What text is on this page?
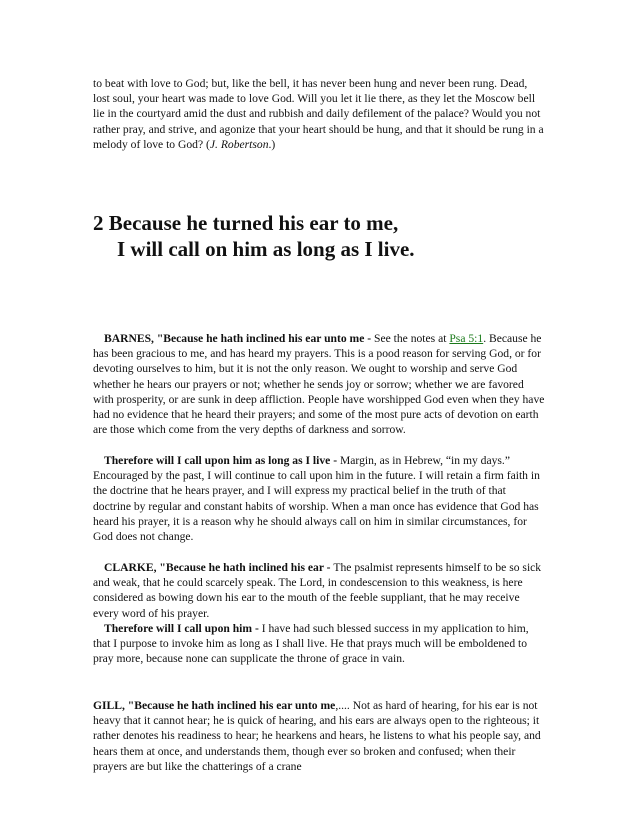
to beat with love to God; but, like the bell, it has never been hung and never been rung. Dead, lost soul, your heart was made to love God. Will you let it lie there, as they let the Moscow bell lie in the courtyard amid the dust and rubbish and daily defilement of the palace? Would you not rather pray, and strive, and agonize that your heart should be hung, and that it should be rung in a melody of love to God? (J. Robertson.)

2 Because he turned his ear to me,
I will call on him as long as I live.

BARNES, "Because he hath inclined his ear unto me - See the notes at Psa 5:1. Because he has been gracious to me, and has heard my prayers. This is a pood reason for serving God, or for devoting ourselves to him, but it is not the only reason. We ought to worship and serve God whether he hears our prayers or not; whether he sends joy or sorrow; whether we are favored with prosperity, or are sunk in deep affliction. People have worshipped God even when they have had no evidence that he heard their prayers; and some of the most pure acts of devotion on earth are those which come from the very depths of darkness and sorrow.

Therefore will I call upon him as long as I live - Margin, as in Hebrew, “in my days.” Encouraged by the past, I will continue to call upon him in the future. I will retain a firm faith in the doctrine that he hears prayer, and I will express my practical belief in the truth of that doctrine by regular and constant habits of worship. When a man once has evidence that God has heard his prayer, it is a reason why he should always call on him in similar circumstances, for God does not change.

CLARKE, "Because he hath inclined his ear - The psalmist represents himself to be so sick and weak, that he could scarcely speak. The Lord, in condescension to this weakness, is here considered as bowing down his ear to the mouth of the feeble suppliant, that he may receive every word of his prayer.

Therefore will I call upon him - I have had such blessed success in my application to him, that I purpose to invoke him as long as I shall live. He that prays much will be emboldened to pray more, because none can supplicate the throne of grace in vain.

GILL, "Because he hath inclined his ear unto me,.... Not as hard of hearing, for his ear is not heavy that it cannot hear; he is quick of hearing, and his ears are always open to the righteous; it rather denotes his readiness to hear; he hearkens and hears, he listens to what his people say, and hears them at once, and understands them, though ever so broken and confused; when their prayers are but like the chatterings of a crane
